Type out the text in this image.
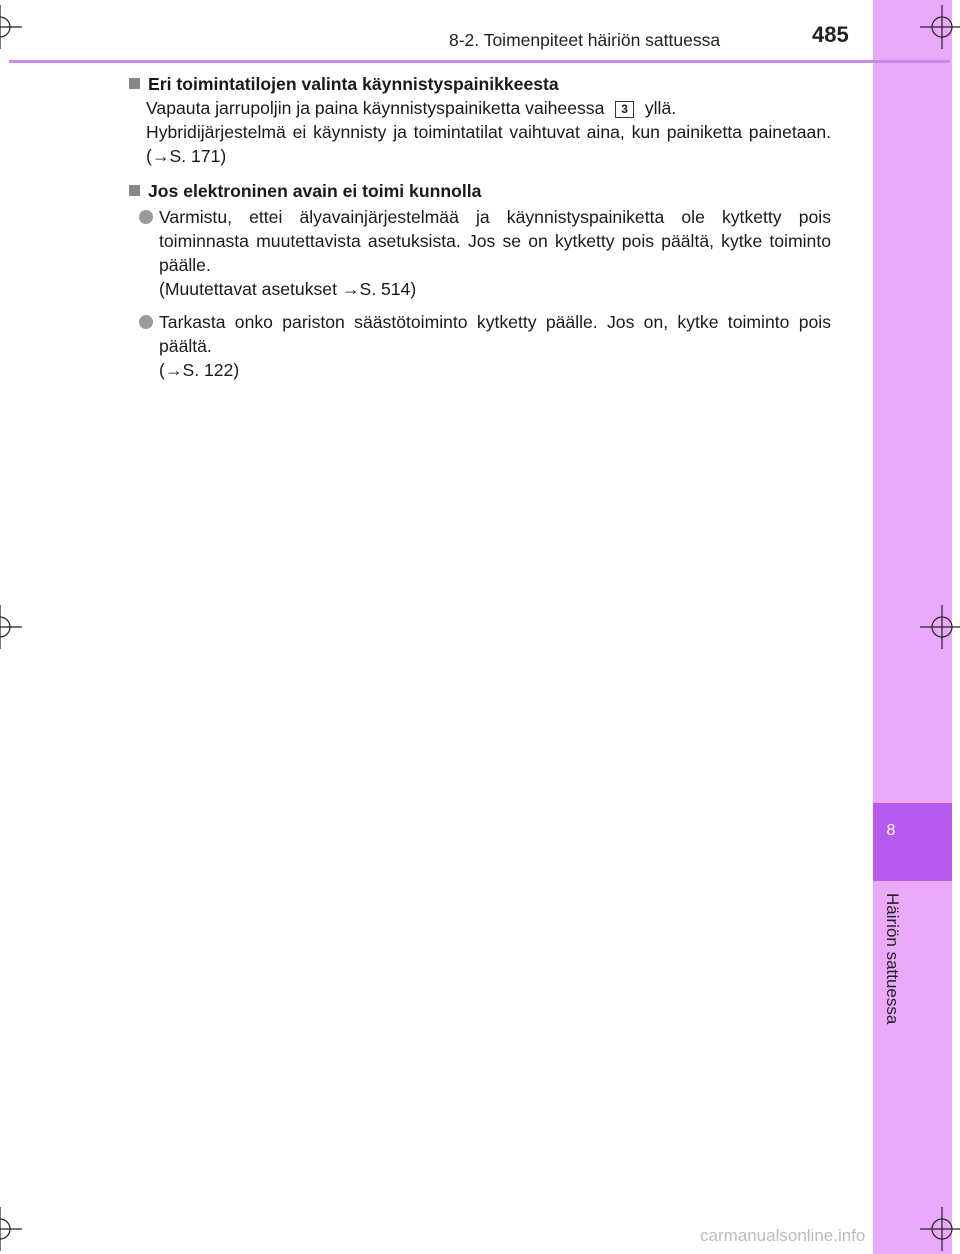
8
Häiriön sattuessa
8-2. Toimenpiteet häiriön sattuessa	485
Eri toimintatilojen valinta käynnistyspainikkeesta

Vapauta jarrupoljin ja paina käynnistyspainiketta vaiheessa 3 yllä.

Hybridijärjestelmä ei käynnisty ja toimintatilat vaihtuvat aina, kun painiketta painetaan. (→S. 171)

Jos elektroninen avain ei toimi kunnolla

Varmistu, ettei älyavainjärjestelmää ja käynnistyspainiketta ole kytketty pois toiminnasta muutettavista asetuksista. Jos se on kytketty pois päältä, kytke toiminto päälle.

(Muutettavat asetukset →S. 514)

Tarkasta onko pariston säästötoiminto kytketty päälle. Jos on, kytke toiminto pois päältä.

(→S. 122)

carmanualsonline.info
